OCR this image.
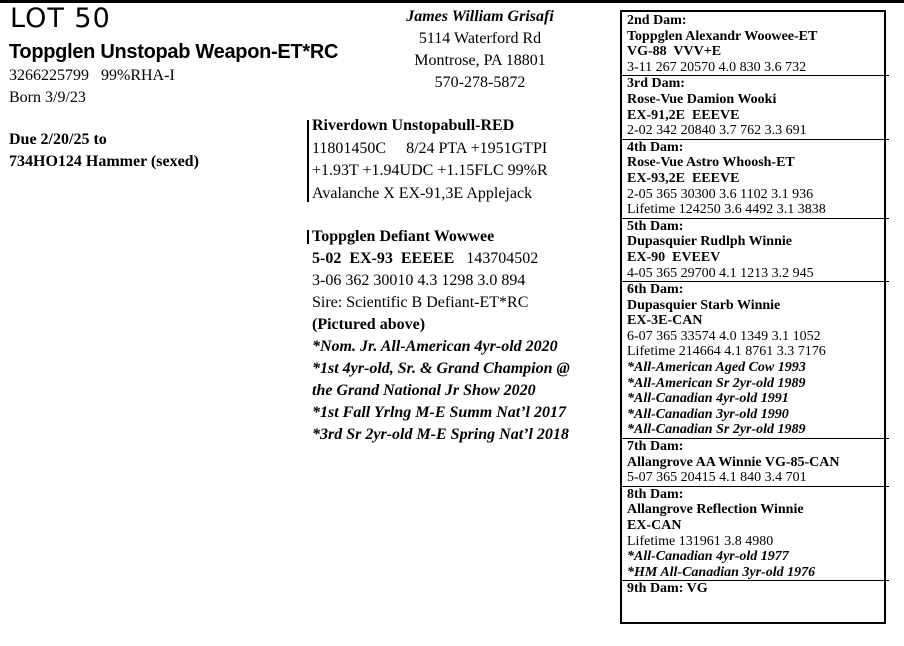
LOT 50
Toppglen Unstopab Weapon-ET*RC
3266225799   99%RHA-I
Born 3/9/23
Due 2/20/25 to
734HO124 Hammer (sexed)
James William Grisafi
5114 Waterford Rd
Montrose, PA 18801
570-278-5872
Riverdown Unstopabull-RED
11801450C     8/24 PTA +1951GTPI
+1.93T +1.94UDC +1.15FLC 99%R
Avalanche X EX-91,3E Applejack
Toppglen Defiant Wowwee
5-02  EX-93  EEEEE 143704502
3-06 362 30010 4.3 1298 3.0 894
Sire: Scientific B Defiant-ET*RC
(Pictured above)
*Nom. Jr. All-American 4yr-old 2020
*1st 4yr-old, Sr. & Grand Champion @
the Grand National Jr Show 2020
*1st Fall Yrlng M-E Summ Nat’l 2017
*3rd Sr 2yr-old M-E Spring Nat’l 2018
2nd Dam:
Toppglen Alexandr Woowee-ET
VG-88  VVV+E
3-11 267 20570 4.0 830 3.6 732
3rd Dam:
Rose-Vue Damion Wooki
EX-91,2E  EEEVE
2-02 342 20840 3.7 762 3.3 691
4th Dam:
Rose-Vue Astro Whoosh-ET
EX-93,2E  EEEVE
2-05 365 30300 3.6 1102 3.1 936
Lifetime 124250 3.6 4492 3.1 3838
5th Dam:
Dupasquier Rudlph Winnie
EX-90  EVEEV
4-05 365 29700 4.1 1213 3.2 945
6th Dam:
Dupasquier Starb Winnie
EX-3E-CAN
6-07 365 33574 4.0 1349 3.1 1052
Lifetime 214664 4.1 8761 3.3 7176
*All-American Aged Cow 1993
*All-American Sr 2yr-old 1989
*All-Canadian 4yr-old 1991
*All-Canadian 3yr-old 1990
*All-Canadian Sr 2yr-old 1989
7th Dam:
Allangrove AA Winnie VG-85-CAN
5-07 365 20415 4.1 840 3.4 701
8th Dam:
Allangrove Reflection Winnie
EX-CAN
Lifetime 131961 3.8 4980
*All-Canadian 4yr-old 1977
*HM All-Canadian 3yr-old 1976
9th Dam: VG
